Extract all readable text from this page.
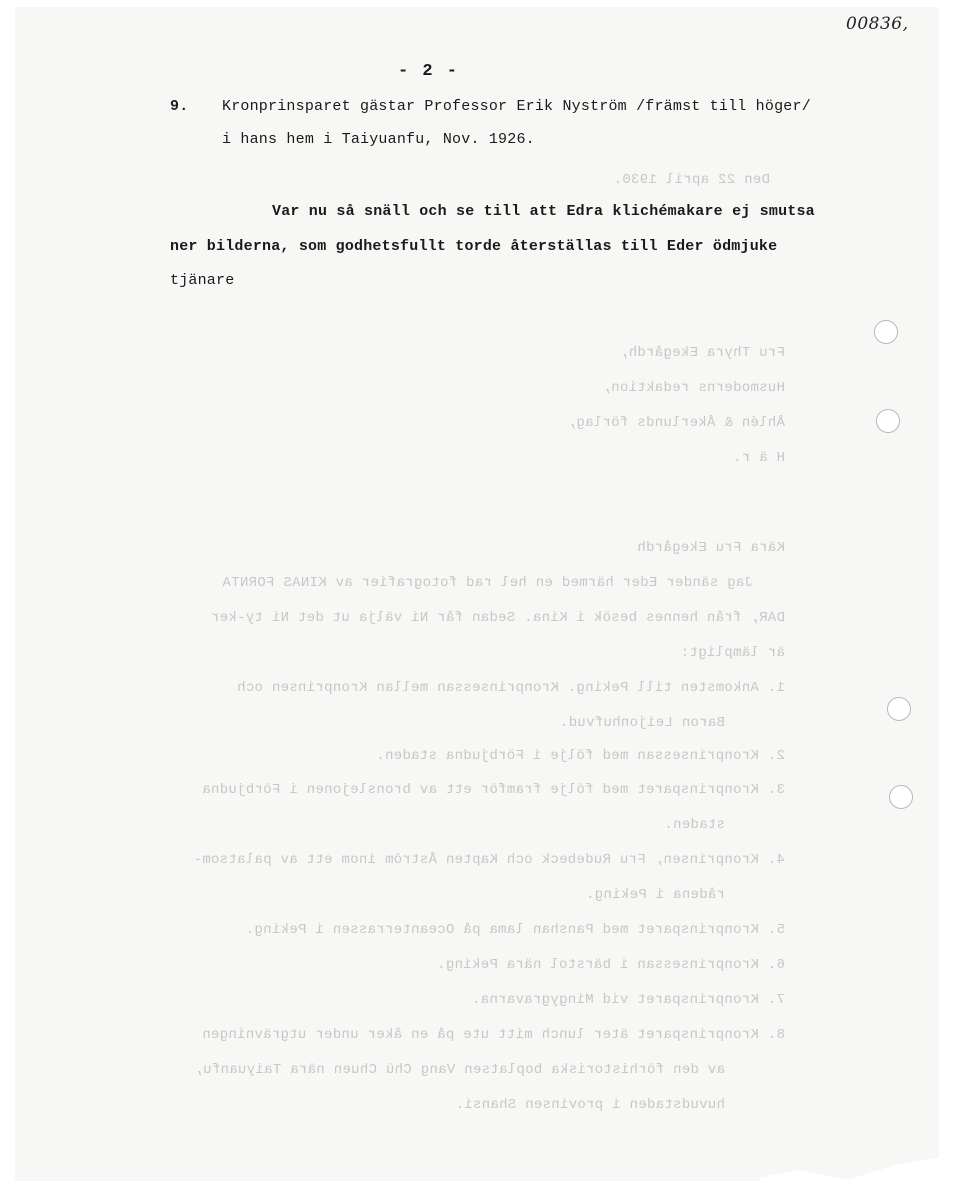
Den 22 april 1930.
Fru Thyra Ekegårdh,
Husmoderns redaktion,
Åhlén & Åkerlunds förlag,
H ä r.
Kära Fru Ekegårdh
Jag sänder Eder härmed en hel rad fotografier av KINAS FORNTA
DAR, från hennes besök i Kina. Sedan får Ni välja ut det Ni ty-ker
är lämpligt:
1. Ankomsten till Peking. Kronprinsessan mellan Kronprinsen och
Baron Leijonhufvud.
2. Kronprinsessan med följe i Förbjudna staden.
3. Kronprinsparet med följe framför ett av bronslejonen i Förbjudna
staden.
4. Kronprinsen, Fru Rudebeck och Kapten Åström inom ett av palatsom-
rådena i Peking.
5. Kronprinsparet med Panshan lama på Oceanterrassen i Peking.
6. Kronprinsessan i bärstol nära Peking.
7. Kronprinsparet vid Mingygravarna.
8. Kronprinsparet äter lunch mitt ute på en åker under utgrävningen
av den förhistoriska boplatsen Vang Chü Chuen nära Taiyuanfu,
huvudstaden i provinsen Shansi.
00836,
- 2 -
9. Kronprinsparet gästar Professor Erik Nyström /främst till höger/
i hans hem i Taiyuanfu, Nov. 1926.
Var nu så snäll och se till att Edra klichémakare ej smutsa
ner bilderna, som godhetsfullt torde återställas till Eder ödmjuke
tjänare
